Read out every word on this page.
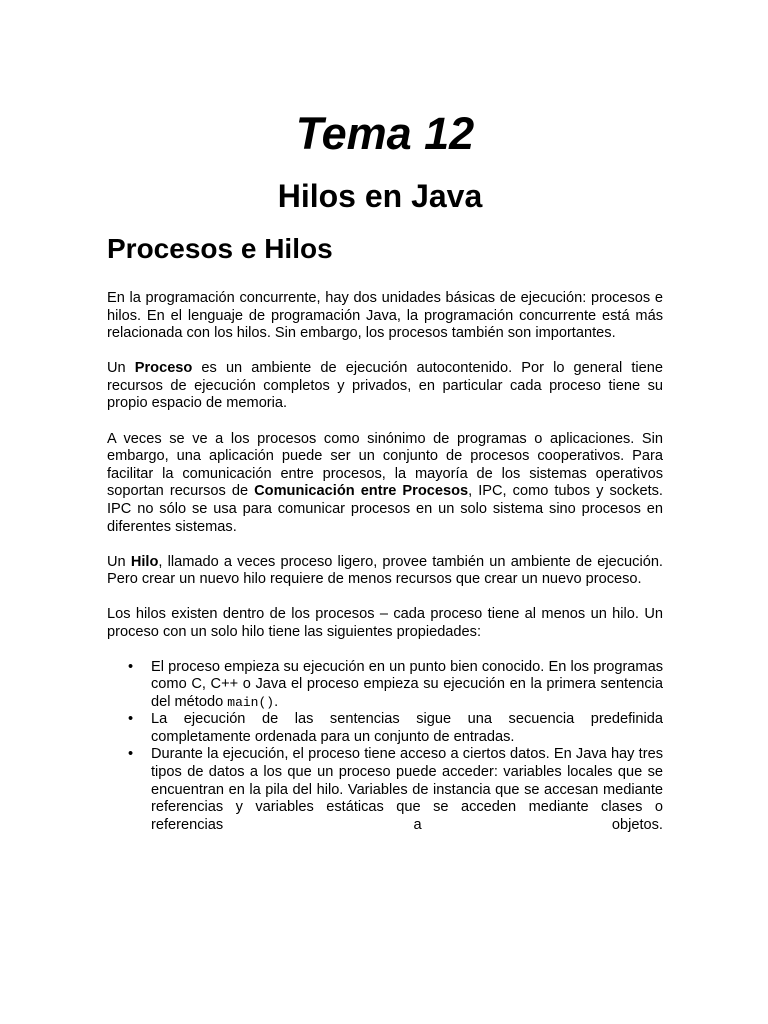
Tema 12
Hilos en Java
Procesos e Hilos

En la programación concurrente, hay dos unidades básicas de ejecución: procesos e hilos. En el lenguaje de programación Java, la programación concurrente está más relacionada con los hilos. Sin embargo, los procesos también son importantes.

Un Proceso es un ambiente de ejecución autocontenido. Por lo general tiene recursos de ejecución completos y privados, en particular cada proceso tiene su propio espacio de memoria.

A veces se ve a los procesos como sinónimo de programas o aplicaciones. Sin embargo, una aplicación puede ser un conjunto de procesos cooperativos. Para facilitar la comunicación entre procesos, la mayoría de los sistemas operativos soportan recursos de Comunicación entre Procesos, IPC, como tubos y sockets. IPC no sólo se usa para comunicar procesos en un solo sistema sino procesos en diferentes sistemas.

Un Hilo, llamado a veces proceso ligero, provee también un ambiente de ejecución. Pero crear un nuevo hilo requiere de menos recursos que crear un nuevo proceso.

Los hilos existen dentro de los procesos – cada proceso tiene al menos un hilo. Un proceso con un solo hilo tiene las siguientes propiedades:

• El proceso empieza su ejecución en un punto bien conocido. En los programas como C, C++ o Java el proceso empieza su ejecución en la primera sentencia del método main().
• La ejecución de las sentencias sigue una secuencia predefinida completamente ordenada para un conjunto de entradas.
• Durante la ejecución, el proceso tiene acceso a ciertos datos. En Java hay tres tipos de datos a los que un proceso puede acceder: variables locales que se encuentran en la pila del hilo. Variables de instancia que se accesan mediante referencias y variables estáticas que se acceden mediante clases o referencias a objetos.
